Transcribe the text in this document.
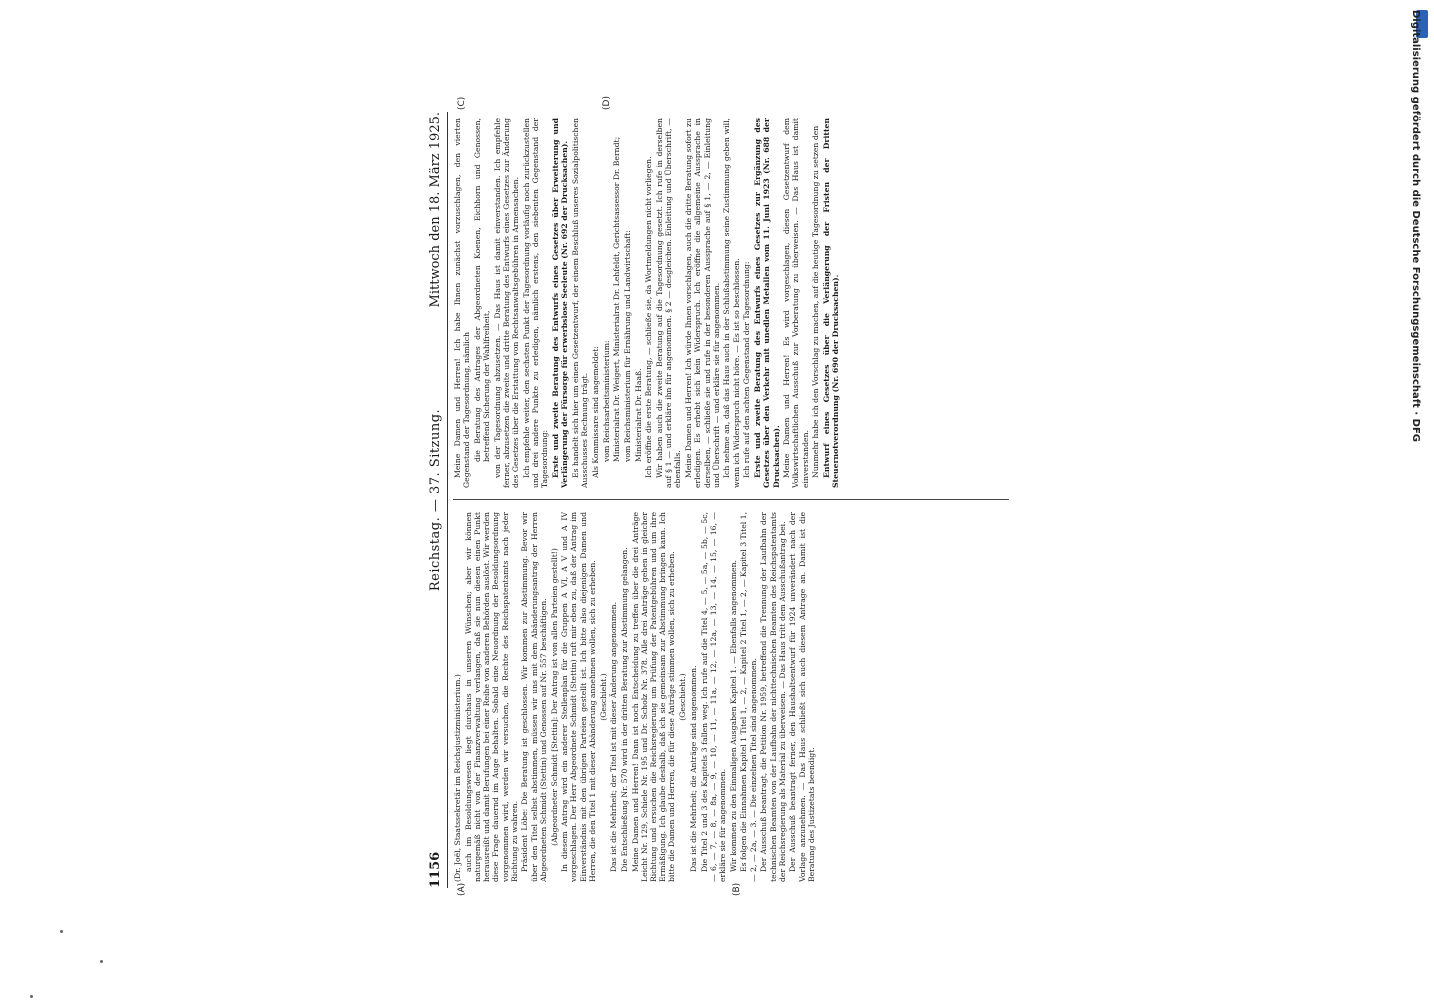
1156
Reichstag. — 37. Sitzung.
Mittwoch den 18. März 1925.
(A)	(B)
(C)	(D)

(Dr. Joël, Staatssekretär im Reichsjustizministerium.) auch im Besoldungswesen liegt durchaus in unseren Wünschen; aber wir können naturgemäß nicht von der Finanzverwaltung verlangen, daß sie nun diesen einen Punkt herausreißt und damit Berufungen bei einer Reihe von anderen Behörden auslöst. Wir werden diese Frage dauernd im Auge behalten. Sobald eine Neuordnung der Besoldungsordnung vorgenommen wird, werden wir versuchen, die Rechte des Reichspatentamts nach jeder Richtung zu wahren. Präsident Löbe: Die Beratung ist geschlossen. Wir kommen zur Abstimmung. Bevor wir über den Titel selbst abstimmen, müssen wir uns mit dem Abänderungsantrag der Herren Abgeordneten Schmidt (Stettin) und Genossen auf Nr. 557 beschäftigen. (Abgeordneter Schmidt [Stettin]: Der Antrag ist von allen Parteien gestellt!) In diesem Antrag wird ein anderer Stellenplan für die Gruppen A VI, A V und A IV vorgeschlagen. Der Herr Abgeordnete Schmidt (Stettin) ruft mir eben zu, daß der Antrag im Einverständnis mit den übrigen Parteien gestellt ist. Ich bitte also diejenigen Damen und Herren, die den Titel 1 mit dieser Abänderung annehmen wollen, sich zu erheben. (Geschieht.) Das ist die Mehrheit; der Titel ist mit dieser Änderung angenommen. Die Entschließung Nr. 570 wird in der dritten Beratung zur Abstimmung gelangen. Meine Damen und Herren! Dann ist noch Entscheidung zu treffen über die drei Anträge Leicht Nr. 129, Schiele Nr. 195 und Dr. Scholz Nr. 378. Alle drei Anträge gehen in gleicher Richtung und ersuchen die Reichsregierung um Prüfung der Patentgebühren und um ihre Ermäßigung. Ich glaube deshalb, daß ich sie gemeinsam zur Abstimmung bringen kann. Ich bitte die Damen und Herren, die für diese Anträge stimmen wollen, sich zu erheben. (Geschieht.) Das ist die Mehrheit; die Anträge sind angenommen. Die Titel 2 und 3 des Kapitels 3 fallen weg. Ich rufe auf die Titel 4, — 5, — 5a, — 5b, — 5c, — 6, — 7, — 8, — 8a, — 9, — 10, — 11, — 11a, — 12, — 12a, — 13, — 14, — 15, — 16, — erkläre sie für angenommen. Wir kommen zu den Einmaligen Ausgaben Kapitel 1. — Ebenfalls angenommen. Es folgen die Einnahmen Kapitel 1 Titel 1, — 2, — Kapitel 2 Titel 1, — 2, — Kapitel 3 Titel 1, — 2, — 2a, — 3. — Die einzelnen Titel sind angenommen. Der Ausschuß beantragt, die Petition Nr. 1959, betreffend die Trennung der Laufbahn der technischen Beamten von der Laufbahn der nichttechnischen Beamten des Reichspatentamts der Reichsregierung als Material zu überweisen. — Das Haus tritt dem Ausschußantrag bei. Der Ausschuß beantragt ferner, den Haushaltsentwurf für 1924 unverändert nach der Vorlage anzunehmen. — Das Haus schließt sich auch diesem Antrage an. Damit ist die Beratung des Justizetats beendigt.

Meine Damen und Herren! Ich habe Ihnen zunächst vorzuschlagen, den vierten Gegenstand der Tagesordnung, nämlich die Beratung des Antrages der Abgeordneten Koenen, Eichhorn und Genossen, betreffend Sicherung der Wahlfreiheit, von der Tagesordnung abzusetzen. — Das Haus ist damit einverstanden. Ich empfehle ferner, abzusetzen die zweite und dritte Beratung des Entwurfs eines Gesetzes zur Änderung des Gesetzes über die Erstattung von Rechtsanwaltsgebühren in Armensachen. Ich empfehle weiter, den sechsten Punkt der Tagesordnung vorläufig noch zurückzustellen und drei andere Punkte zu erledigen, nämlich erstens, den siebenten Gegenstand der Tagesordnung: Erste und zweite Beratung des Entwurfs eines Gesetzes über Erweiterung und Verlängerung der Fürsorge für erwerbslose Seeleute (Nr. 692 der Drucksachen). Es handelt sich hier um einen Gesetzentwurf, der einem Beschluß unseres Sozialpolitischen Ausschusses Rechnung trägt. Als Kommissare sind angemeldet: vom Reichsarbeitsministerium: Ministerialrat Dr. Weigert, Ministerialrat Dr. Lehfeldt, Gerichtsassessor Dr. Berndt; vom Reichsministerium für Ernährung und Landwirtschaft: Ministerialrat Dr. Haaß. Ich eröffne die erste Beratung, — schließe sie, da Wortmeldungen nicht vorliegen. Wir haben auch die zweite Beratung auf die Tagesordnung gesetzt. Ich rufe in derselben auf § 1 — und erkläre ihn für angenommen. § 2 — desgleichen. Einleitung und Überschrift, — ebenfalls. Meine Damen und Herren! Ich würde Ihnen vorschlagen, auch die dritte Beratung sofort zu erledigen. Es erhebt sich kein Widerspruch. Ich eröffne die allgemeine Aussprache in derselben, — schließe sie und rufe in der besonderen Aussprache auf § 1, — 2, — Einleitung und Überschrift — und erkläre sie für angenommen. Ich nehme an, daß das Haus auch in der Schlußabstimmung seine Zustimmung geben will, wenn ich Widerspruch nicht höre. — Es ist so beschlossen. Ich rufe auf den achten Gegenstand der Tagesordnung: Erste und zweite Beratung des Entwurfs eines Gesetzes zur Ergänzung des Gesetzes über den Verkehr mit unedlen Metallen vom 11. Juni 1923 (Nr. 688 der Drucksachen). Meine Damen und Herren! Es wird vorgeschlagen, diesen Gesetzentwurf dem Volkswirtschaftlichen Ausschuß zur Vorberatung zu überweisen. — Das Haus ist damit einverstanden. Nunmehr habe ich den Vorschlag zu machen, auf die heutige Tagesordnung zu setzen den Entwurf eines Gesetzes über die Verlängerung der Fristen der Dritten Steuernotverordnung (Nr. 690 der Drucksachen).	Digitalisierung gefördert durch die Deutsche Forschungsgemeinschaft · DFG
